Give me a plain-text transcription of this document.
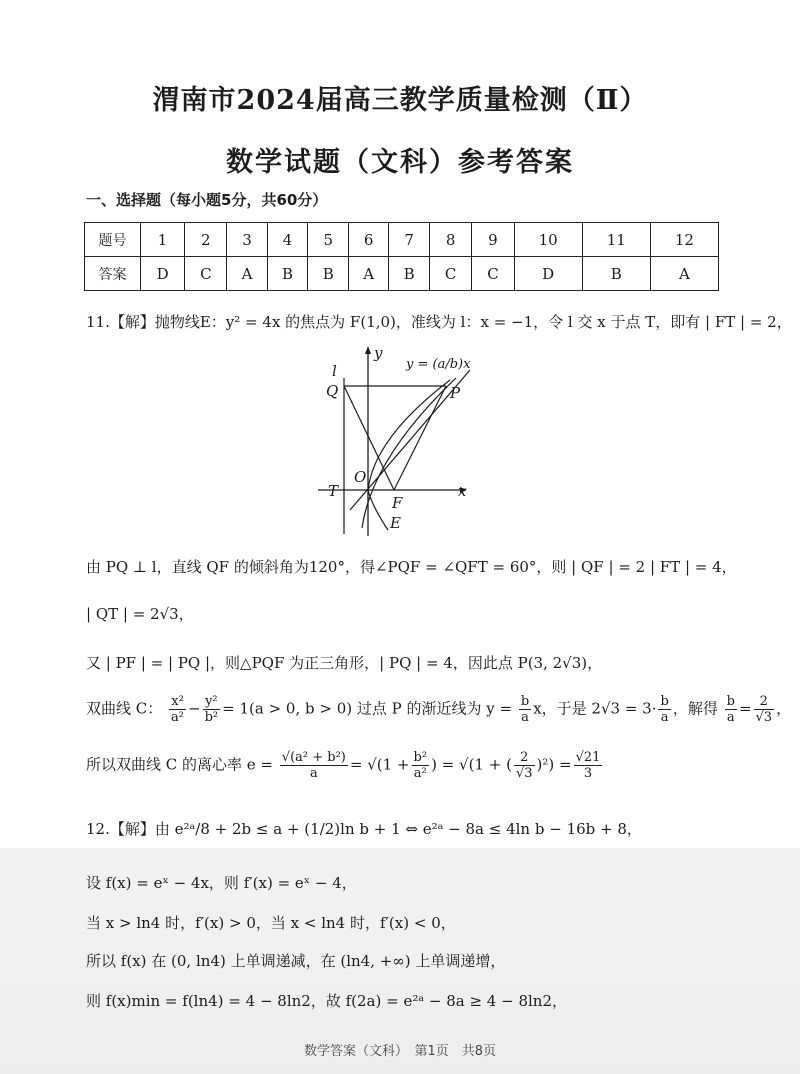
渭南市2024届高三教学质量检测（Ⅱ）
数学试题（文科）参考答案
一、选择题（每小题5分，共60分）
题号	1	2	3	4	5	6	7	8	9	10	11	12
答案	D	C	A	B	B	A	B	C	C	D	B	A
11.【解】抛物线E：y² = 4x 的焦点为 F(1,0)，准线为 l：x = −1，令 l 交 x 于点 T，即有 | FT | = 2，
y
l
Q	P
O
T
F
x
E
y = (a/b)x
由 PQ ⊥ l，直线 QF 的倾斜角为120°，得∠PQF = ∠QFT = 60°，则 | QF | = 2 | FT | = 4，
| QT | = 2√3，
又 | PF | = | PQ |，则△PQF 为正三角形，| PQ | = 4，因此点 P(3, 2√3)，
双曲线 C： $\frac{\text{x²}}{\text{a²}} - \frac{\text{y²}}{\text{b²}} = 1(a > 0$, b > 0) 过点 P 的渐近线为 $y = \frac{b}{a}$ x，于是 $2√3 = 3\cdot \frac{b}{a}$ ，解得 $\frac{b}{a} = \frac{2}{√3}$ ，
所以双曲线 C 的离心率 $e = \frac{\text{√(a² + b²)}}{a} = √(1 + \frac{\text{b²}}{\text{a²}}$ ) = √(1 + ( $\frac{2}{√3} )^2) = \frac{√21}{3}$
12.【解】由 e²ᵃ/8 + 2b ≤ a + (1/2)ln b + 1 ⇔ e²ᵃ − 8a ≤ 4ln b − 16b + 8，
设 f(x) = eˣ − 4x，则 f′(x) = eˣ − 4，
当 x > ln4 时，f′(x) > 0，当 x < ln4 时，f′(x) < 0，
所以 f(x) 在 (0, ln4) 上单调递减，在 (ln4, +∞) 上单调递增，
则 f(x)min = f(ln4) = 4 − 8ln2，故 f(2a) = e²ᵃ − 8a ≥ 4 − 8ln2，
数学答案（文科）　第1页　共8页
